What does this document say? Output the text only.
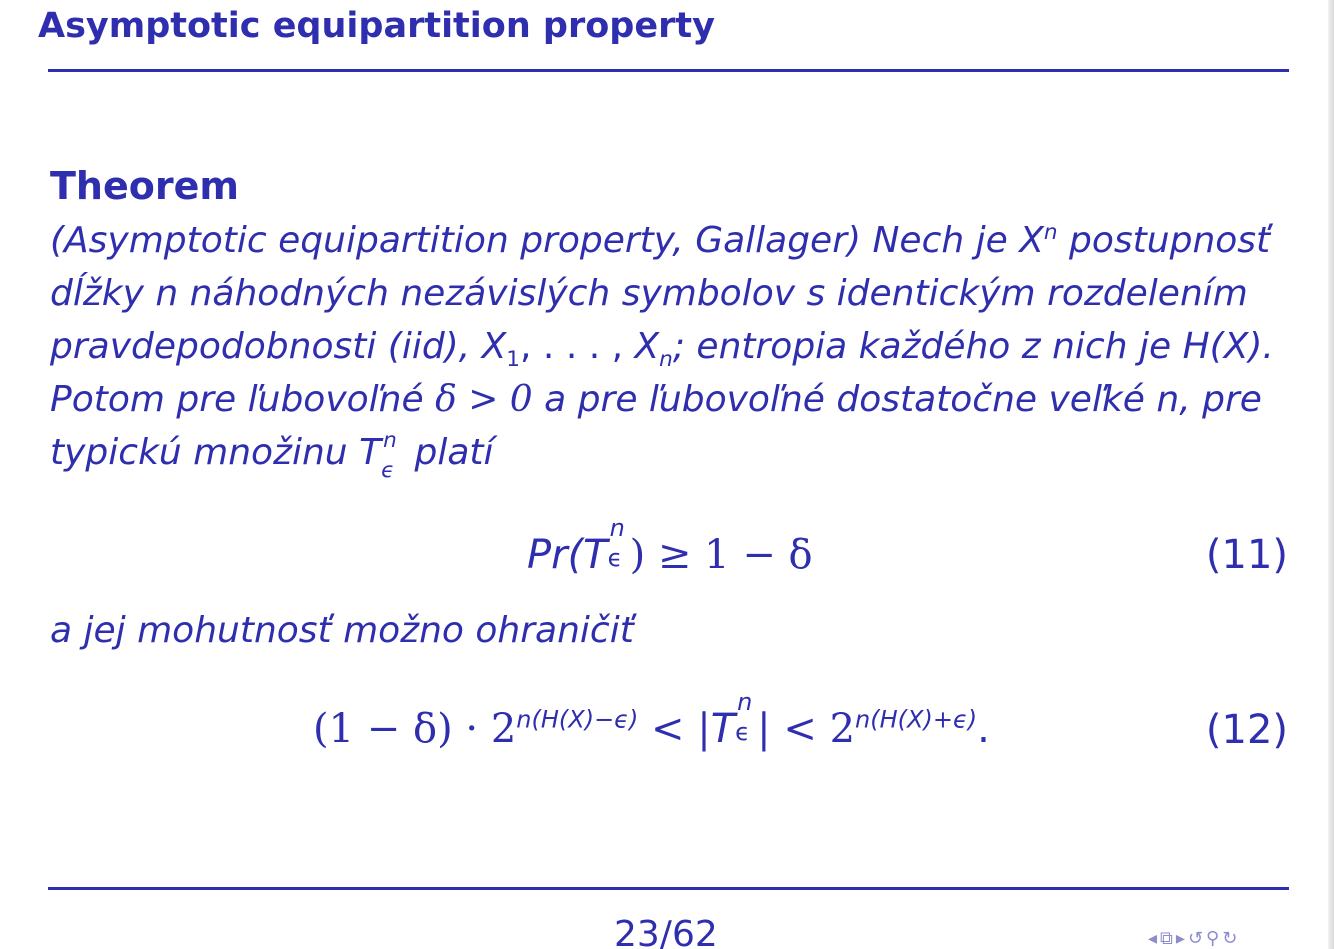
Asymptotic equipartition property
Theorem
(Asymptotic equipartition property, Gallager) Nech je $X^n$ postupnosť
dĺžky n náhodných nezávislých symbolov s identickým rozdelením
pravdepodobnosti (iid), $X_1$, . . . , $X_n$; entropia každého z nich je H(X).
Potom pre ľubovoľné δ > 0 a pre ľubovoľné dostatočne veľké n, pre
typickú množinu T n
ϵ platí
Pr(T
n
ϵ ) ≥ 1 − δ	(11)
a jej mohutnosť možno ohraničiť
$(1 - \delta) \cdot 2^{n(H(X)-\epsilon)} < |T$
n
ϵ | < $2^{n(H(X)+\epsilon)}$.	(12)
23/62	◂ ⧉ ▸ ↺ ⚲ ↻
